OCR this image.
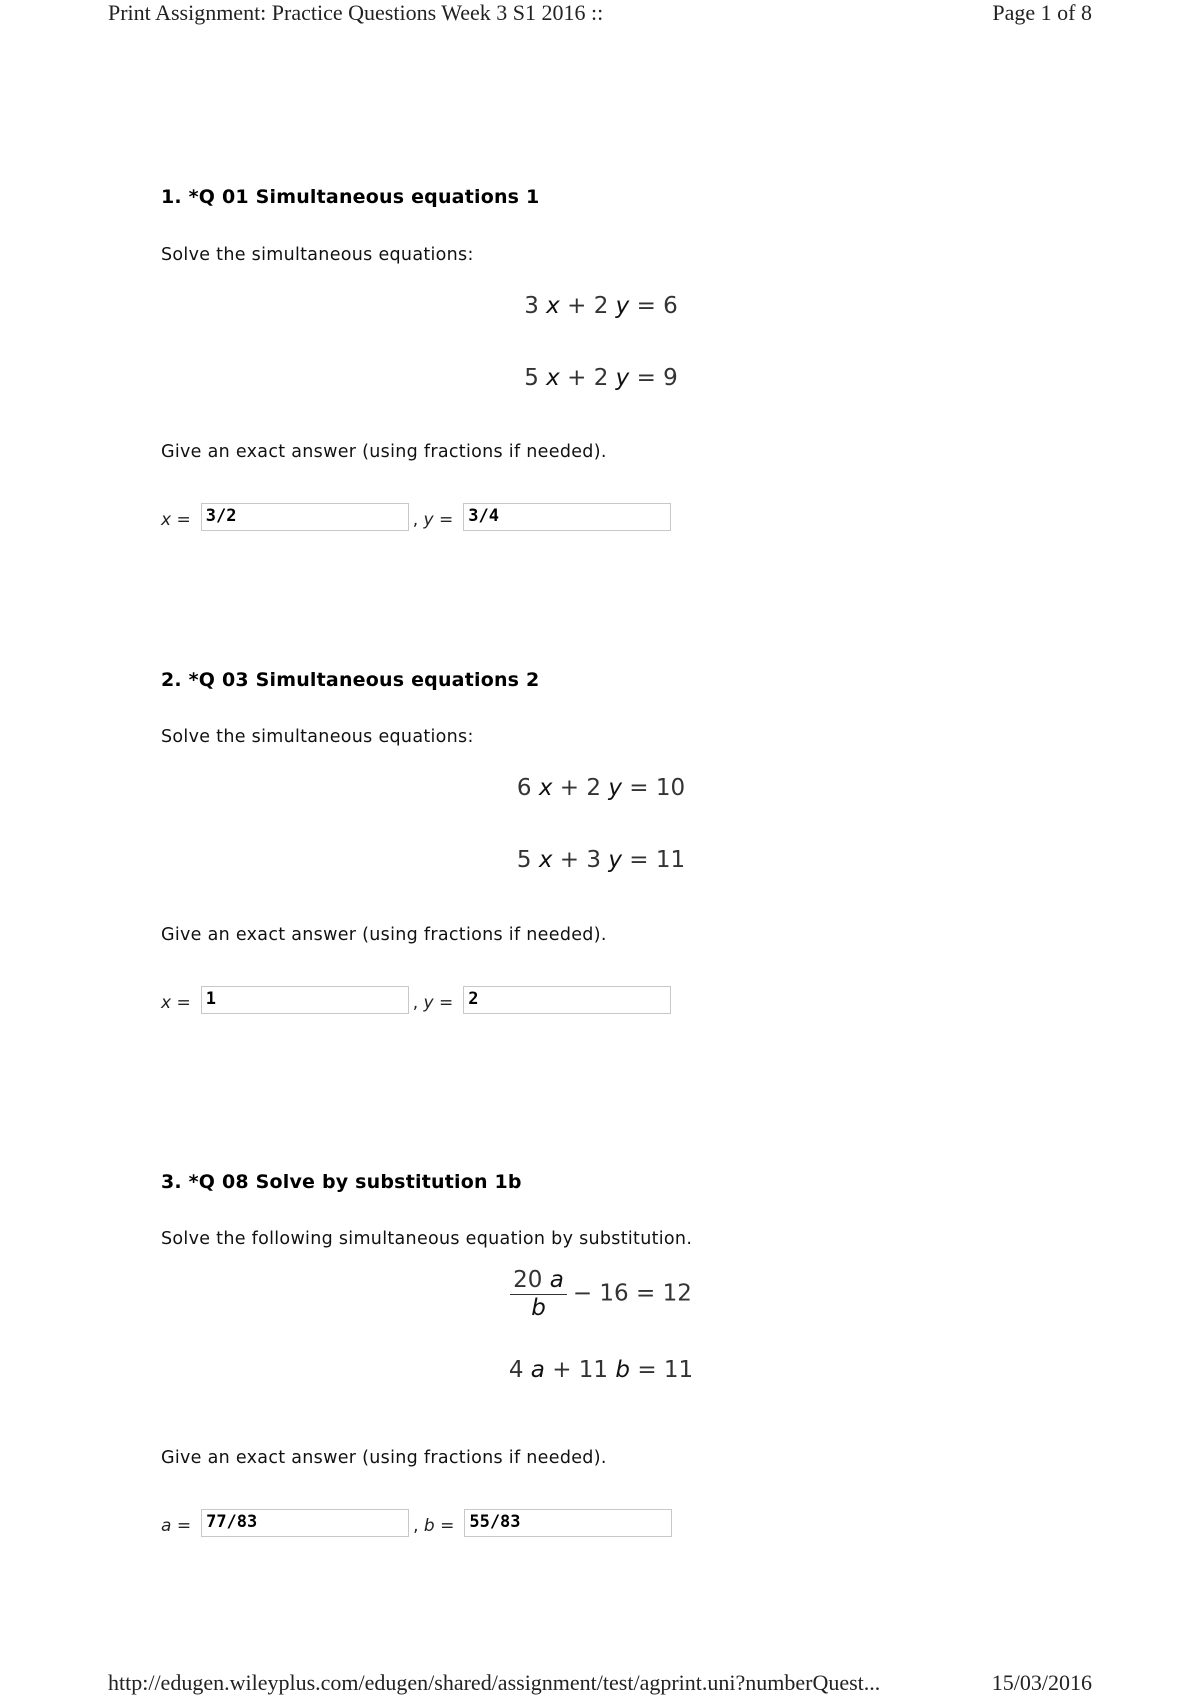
Print Assignment: Practice Questions Week 3 S1 2016 ::	Page 1 of 8

1. *Q 01 Simultaneous equations 1

Solve the simultaneous equations:

3 x + 2 y = 6
5 x + 2 y = 9

Give an exact answer (using fractions if needed).

x = 3/2	, y = 3/4

2. *Q 03 Simultaneous equations 2

Solve the simultaneous equations:

6 x + 2 y = 10
5 x + 3 y = 11

Give an exact answer (using fractions if needed).

x = 1	, y = 2

3. *Q 08 Solve by substitution 1b

Solve the following simultaneous equation by substitution.

$\frac{20 a}{b} - 16 = 12$
4 a + 11 b = 11

Give an exact answer (using fractions if needed).

a = 77/83	, b = 55/83
http://edugen.wileyplus.com/edugen/shared/assignment/test/agprint.uni?numberQuest...	15/03/2016
